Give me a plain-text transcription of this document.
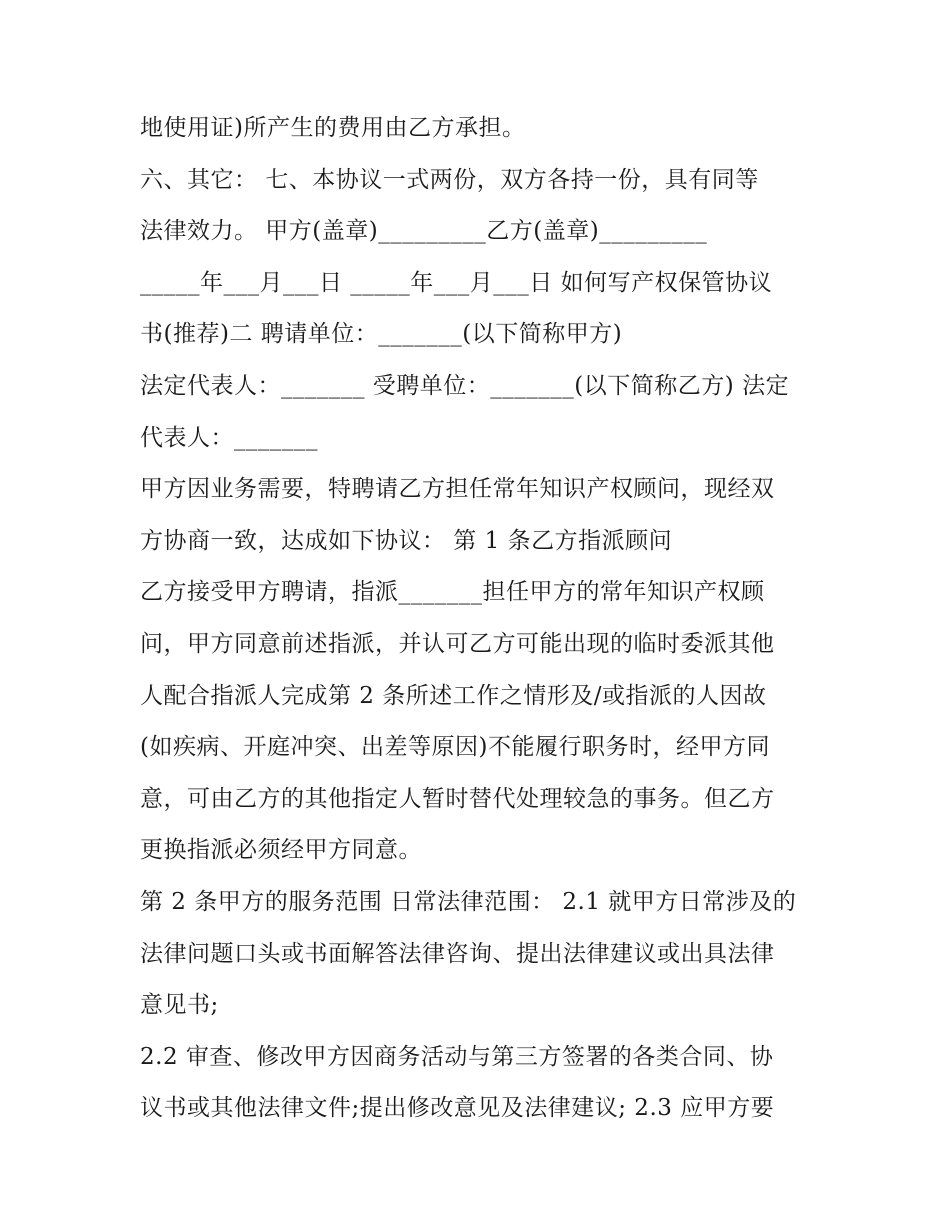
地使用证)所产生的费用由乙方承担。
六、其它： 七、本协议一式两份，双方各持一份，具有同等
法律效力。 甲方(盖章)_________乙方(盖章)_________
_____年___月___日 _____年___月___日 如何写产权保管协议
书(推荐)二 聘请单位：_______(以下简称甲方)
法定代表人：_______ 受聘单位：_______(以下简称乙方) 法定
代表人：_______
甲方因业务需要，特聘请乙方担任常年知识产权顾问，现经双
方协商一致，达成如下协议： 第 1 条乙方指派顾问
乙方接受甲方聘请，指派_______担任甲方的常年知识产权顾
问，甲方同意前述指派，并认可乙方可能出现的临时委派其他
人配合指派人完成第 2 条所述工作之情形及/或指派的人因故
(如疾病、开庭冲突、出差等原因)不能履行职务时，经甲方同
意，可由乙方的其他指定人暂时替代处理较急的事务。但乙方
更换指派必须经甲方同意。
第 2 条甲方的服务范围 日常法律范围： 2.1 就甲方日常涉及的
法律问题口头或书面解答法律咨询、提出法律建议或出具法律
意见书;
2.2 审查、修改甲方因商务活动与第三方签署的各类合同、协
议书或其他法律文件;提出修改意见及法律建议; 2.3 应甲方要
